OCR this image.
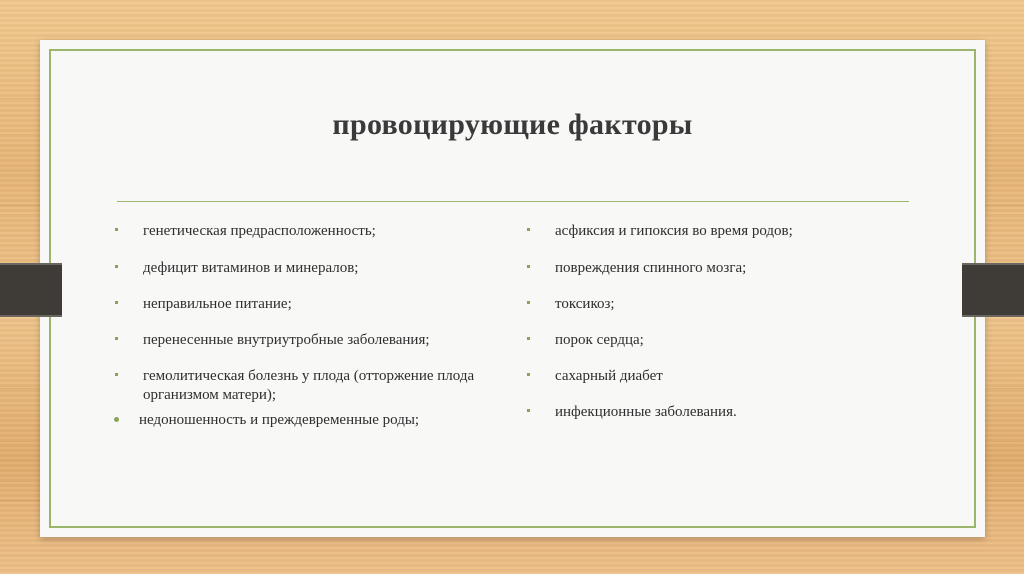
провоцирующие факторы
генетическая предрасположенность;
дефицит витаминов и минералов;
неправильное питание;
перенесенные внутриутробные заболевания;
гемолитическая болезнь у плода (отторжение плода организмом матери);
недоношенность и преждевременные роды;
асфиксия и гипоксия во время родов;
повреждения спинного мозга;
токсикоз;
порок сердца;
сахарный диабет
инфекционные заболевания.
